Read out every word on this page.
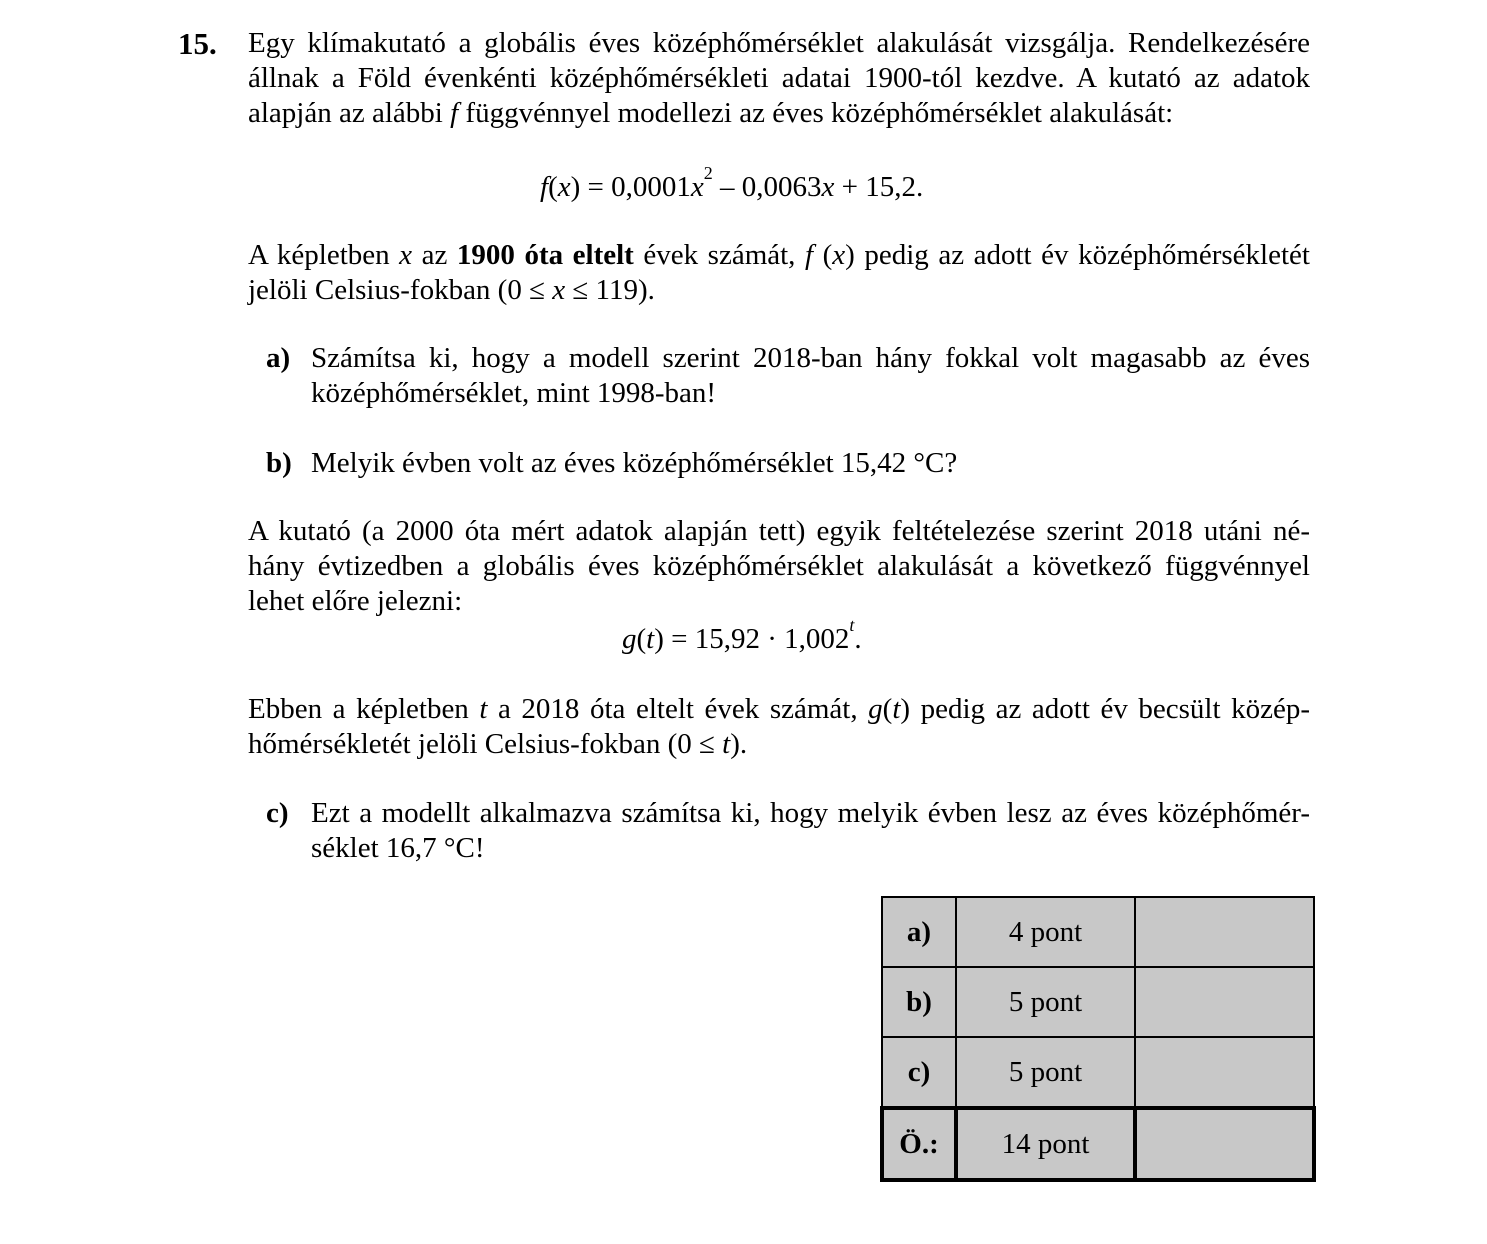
15. Egy klímakutató a globális éves középhőmérséklet alakulását vizsgálja. Rendelkezésére
állnak a Föld évenkénti középhőmérsékleti adatai 1900-tól kezdve. A kutató az adatok
alapján az alábbi f függvénnyel modellezi az éves középhőmérséklet alakulását:
$f(x) = 0,0001x^2 - 0,0063x + 15,2$.
A képletben x az 1900 óta eltelt évek számát, f (x) pedig az adott év középhőmérsékletét
jelöli Celsius-fokban (0 ≤ x ≤ 119).
a) Számítsa ki, hogy a modell szerint 2018-ban hány fokkal volt magasabb az éves
középhőmérséklet, mint 1998-ban!
b) Melyik évben volt az éves középhőmérséklet 15,42 °C?
A kutató (a 2000 óta mért adatok alapján tett) egyik feltételezése szerint 2018 utáni né-
hány évtizedben a globális éves középhőmérséklet alakulását a következő függvénnyel
lehet előre jelezni:
$g(t) = 15,92 \cdot 1,002^t$.
Ebben a képletben t a 2018 óta eltelt évek számát, g(t) pedig az adott év becsült közép-
hőmérsékletét jelöli Celsius-fokban (0 ≤ t).
c) Ezt a modellt alkalmazva számítsa ki, hogy melyik évben lesz az éves középhőmér-
séklet 16,7 °C!
a)	4 pont	
b)	5 pont	
c)	5 pont	
Ö.:	14 pont	
